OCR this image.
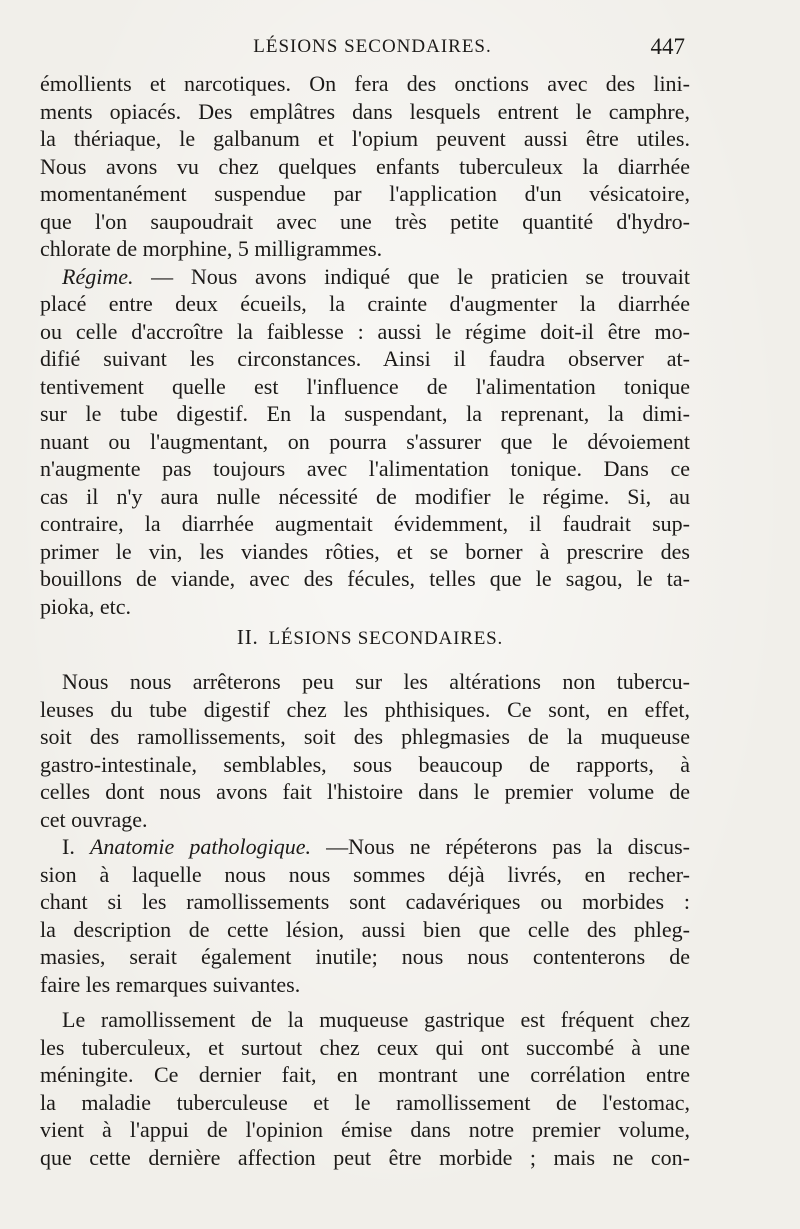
LÉSIONS SECONDAIRES.	447
émollients et narcotiques. On fera des onctions avec des lini-
ments opiacés. Des emplâtres dans lesquels entrent le camphre,
la thériaque, le galbanum et l'opium peuvent aussi être utiles.
Nous avons vu chez quelques enfants tuberculeux la diarrhée
momentanément suspendue par l'application d'un vésicatoire,
que l'on saupoudrait avec une très petite quantité d'hydro-
chlorate de morphine, 5 milligrammes.
Régime. — Nous avons indiqué que le praticien se trouvait
placé entre deux écueils, la crainte d'augmenter la diarrhée
ou celle d'accroître la faiblesse : aussi le régime doit-il être mo-
difié suivant les circonstances. Ainsi il faudra observer at-
tentivement quelle est l'influence de l'alimentation tonique
sur le tube digestif. En la suspendant, la reprenant, la dimi-
nuant ou l'augmentant, on pourra s'assurer que le dévoiement
n'augmente pas toujours avec l'alimentation tonique. Dans ce
cas il n'y aura nulle nécessité de modifier le régime. Si, au
contraire, la diarrhée augmentait évidemment, il faudrait sup-
primer le vin, les viandes rôties, et se borner à prescrire des
bouillons de viande, avec des fécules, telles que le sagou, le ta-
pioka, etc.
II. LÉSIONS SECONDAIRES.
Nous nous arrêterons peu sur les altérations non tubercu-
leuses du tube digestif chez les phthisiques. Ce sont, en effet,
soit des ramollissements, soit des phlegmasies de la muqueuse
gastro-intestinale, semblables, sous beaucoup de rapports, à
celles dont nous avons fait l'histoire dans le premier volume de
cet ouvrage.
I. Anatomie pathologique. —Nous ne répéterons pas la discus-
sion à laquelle nous nous sommes déjà livrés, en recher-
chant si les ramollissements sont cadavériques ou morbides :
la description de cette lésion, aussi bien que celle des phleg-
masies, serait également inutile; nous nous contenterons de
faire les remarques suivantes.
Le ramollissement de la muqueuse gastrique est fréquent chez
les tuberculeux, et surtout chez ceux qui ont succombé à une
méningite. Ce dernier fait, en montrant une corrélation entre
la maladie tuberculeuse et le ramollissement de l'estomac,
vient à l'appui de l'opinion émise dans notre premier volume,
que cette dernière affection peut être morbide ; mais ne con-
